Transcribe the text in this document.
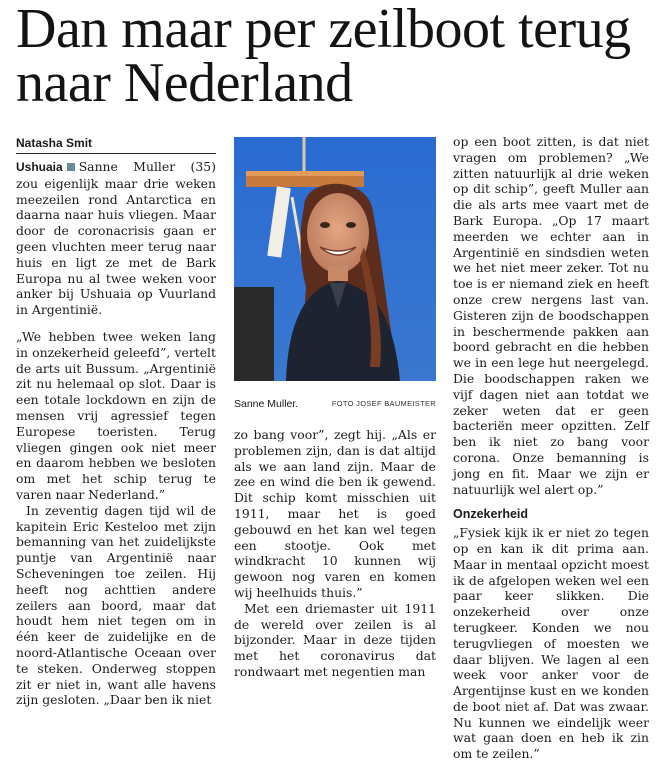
Dan maar per zeilboot terug naar Nederland
Natasha Smit

Ushuaia Sanne Muller (35) zou eigenlijk maar drie weken meezeilen rond Antarctica en daarna naar huis vliegen. Maar door de coronacrisis gaan er geen vluchten meer terug naar huis en ligt ze met de Bark Europa nu al twee weken voor anker bij Ushuaia op Vuurland in Argentinië.

„We hebben twee weken lang in onzekerheid geleefd”, vertelt de arts uit Bussum. „Argentinië zit nu helemaal op slot. Daar is een totale lockdown en zijn de mensen vrij agressief tegen Europese toeristen. Terug vliegen gingen ook niet meer en daarom hebben we besloten om met het schip terug te varen naar Nederland.”

In zeventig dagen tijd wil de kapitein Eric Kesteloo met zijn bemanning van het zuidelijkste puntje van Argentinië naar Scheveningen toe zeilen. Hij heeft nog achttien andere zeilers aan boord, maar dat houdt hem niet tegen om in één keer de zuidelijke en de noord-Atlantische Oceaan over te steken. Onderweg stoppen zit er niet in, want alle havens zijn gesloten. „Daar ben ik niet

Sanne Muller.	FOTO JOSEF BAUMEISTER

zo bang voor”, zegt hij. „Als er problemen zijn, dan is dat altijd als we aan land zijn. Maar de zee en wind die ben ik gewend. Dit schip komt misschien uit 1911, maar het is goed gebouwd en het kan wel tegen een stootje. Ook met windkracht 10 kunnen wij gewoon nog varen en komen wij heelhuids thuis.”

Met een driemaster uit 1911 de wereld over zeilen is al bijzonder. Maar in deze tijden met het coronavirus dat rondwaart met negentien man

op een boot zitten, is dat niet vragen om problemen? „We zitten natuurlijk al drie weken op dit schip”, geeft Muller aan die als arts mee vaart met de Bark Europa. „Op 17 maart meerden we echter aan in Argentinië en sindsdien weten we het niet meer zeker. Tot nu toe is er niemand ziek en heeft onze crew nergens last van. Gisteren zijn de boodschappen in beschermende pakken aan boord gebracht en die hebben we in een lege hut neergelegd. Die boodschappen raken we vijf dagen niet aan totdat we zeker weten dat er geen bacteriën meer opzitten. Zelf ben ik niet zo bang voor corona. Onze bemanning is jong en fit. Maar we zijn er natuurlijk wel alert op.”

Onzekerheid

„Fysiek kijk ik er niet zo tegen op en kan ik dit prima aan. Maar in mentaal opzicht moest ik de afgelopen weken wel een paar keer slikken. Die onzekerheid over onze terugkeer. Konden we nou terugvliegen of moesten we daar blijven. We lagen al een week voor anker voor de Argentijnse kust en we konden de boot niet af. Dat was zwaar. Nu kunnen we eindelijk weer wat gaan doen en heb ik zin om te zeilen.”
